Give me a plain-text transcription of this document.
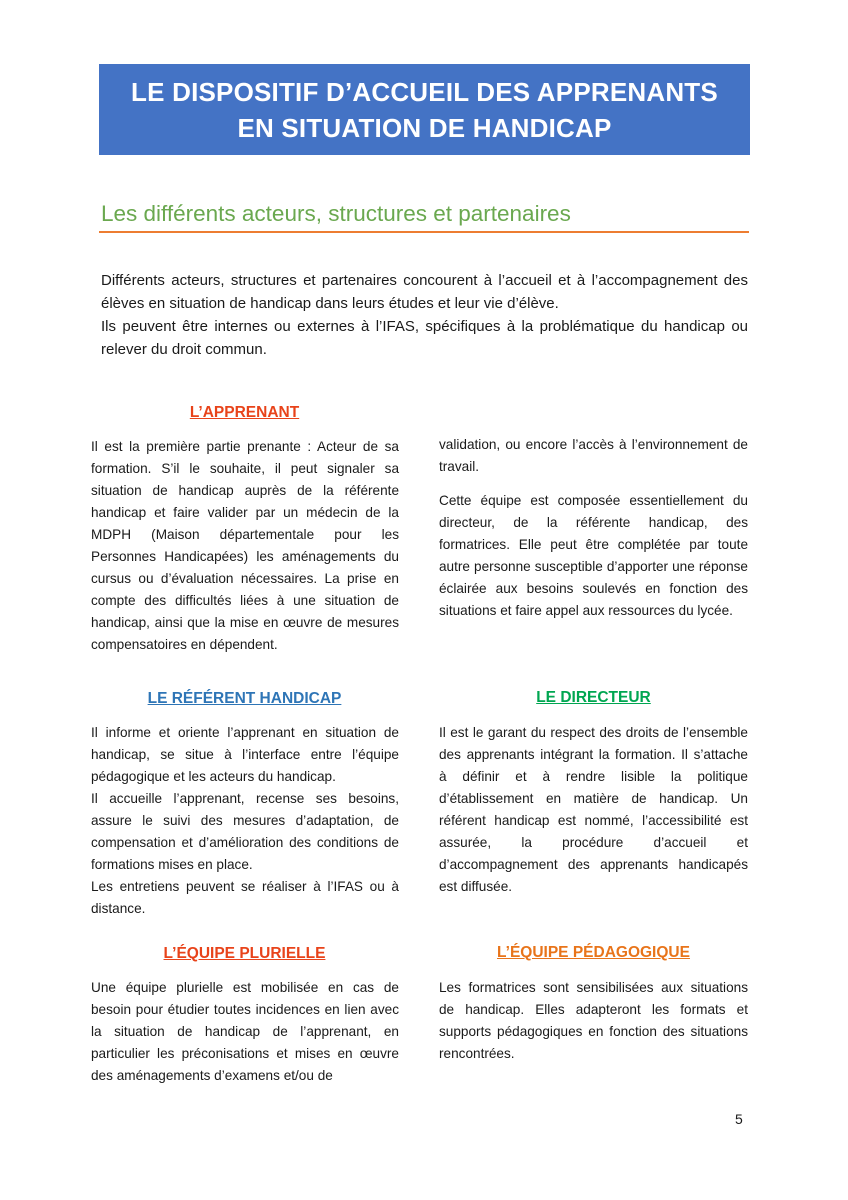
LE DISPOSITIF D’ACCUEIL DES APPRENANTS
EN SITUATION DE HANDICAP
Les différents acteurs, structures et partenaires

Différents acteurs, structures et partenaires concourent à l’accueil et à l’accompagnement des élèves en situation de handicap dans leurs études et leur vie d’élève.

Ils peuvent être internes ou externes à l’IFAS, spécifiques à la problématique du handicap ou relever du droit commun.

L’APPRENANT

Il est la première partie prenante : Acteur de sa formation. S’il le souhaite, il peut signaler sa situation de handicap auprès de la référente handicap et faire valider par un médecin de la MDPH (Maison départementale pour les Personnes Handicapées) les aménagements du cursus ou d’évaluation nécessaires. La prise en compte des difficultés liées à une situation de handicap, ainsi que la mise en œuvre de mesures compensatoires en dépendent.

validation, ou encore l’accès à l’environnement de travail.

Cette équipe est composée essentiellement du directeur, de la référente handicap, des formatrices. Elle peut être complétée par toute autre personne susceptible d’apporter une réponse éclairée aux besoins soulevés en fonction des situations et faire appel aux ressources du lycée.

LE RÉFÉRENT HANDICAP

Il informe et oriente l’apprenant en situation de handicap, se situe à l’interface entre l’équipe pédagogique et les acteurs du handicap.

Il accueille l’apprenant, recense ses besoins, assure le suivi des mesures d’adaptation, de compensation et d’amélioration des conditions de formations mises en place.

Les entretiens peuvent se réaliser à l’IFAS ou à distance.

LE DIRECTEUR

Il est le garant du respect des droits de l’ensemble des apprenants intégrant la formation. Il s’attache à définir et à rendre lisible la politique d’établissement en matière de handicap. Un référent handicap est nommé, l’accessibilité est assurée, la procédure d’accueil et d’accompagnement des apprenants handicapés est diffusée.

L’ÉQUIPE PLURIELLE

Une équipe plurielle est mobilisée en cas de besoin pour étudier toutes incidences en lien avec la situation de handicap de l’apprenant, en particulier les préconisations et mises en œuvre des aménagements d’examens et/ou de

L’ÉQUIPE PÉDAGOGIQUE

Les formatrices sont sensibilisées aux situations de handicap. Elles adapteront les formats et supports pédagogiques en fonction des situations rencontrées.

5
